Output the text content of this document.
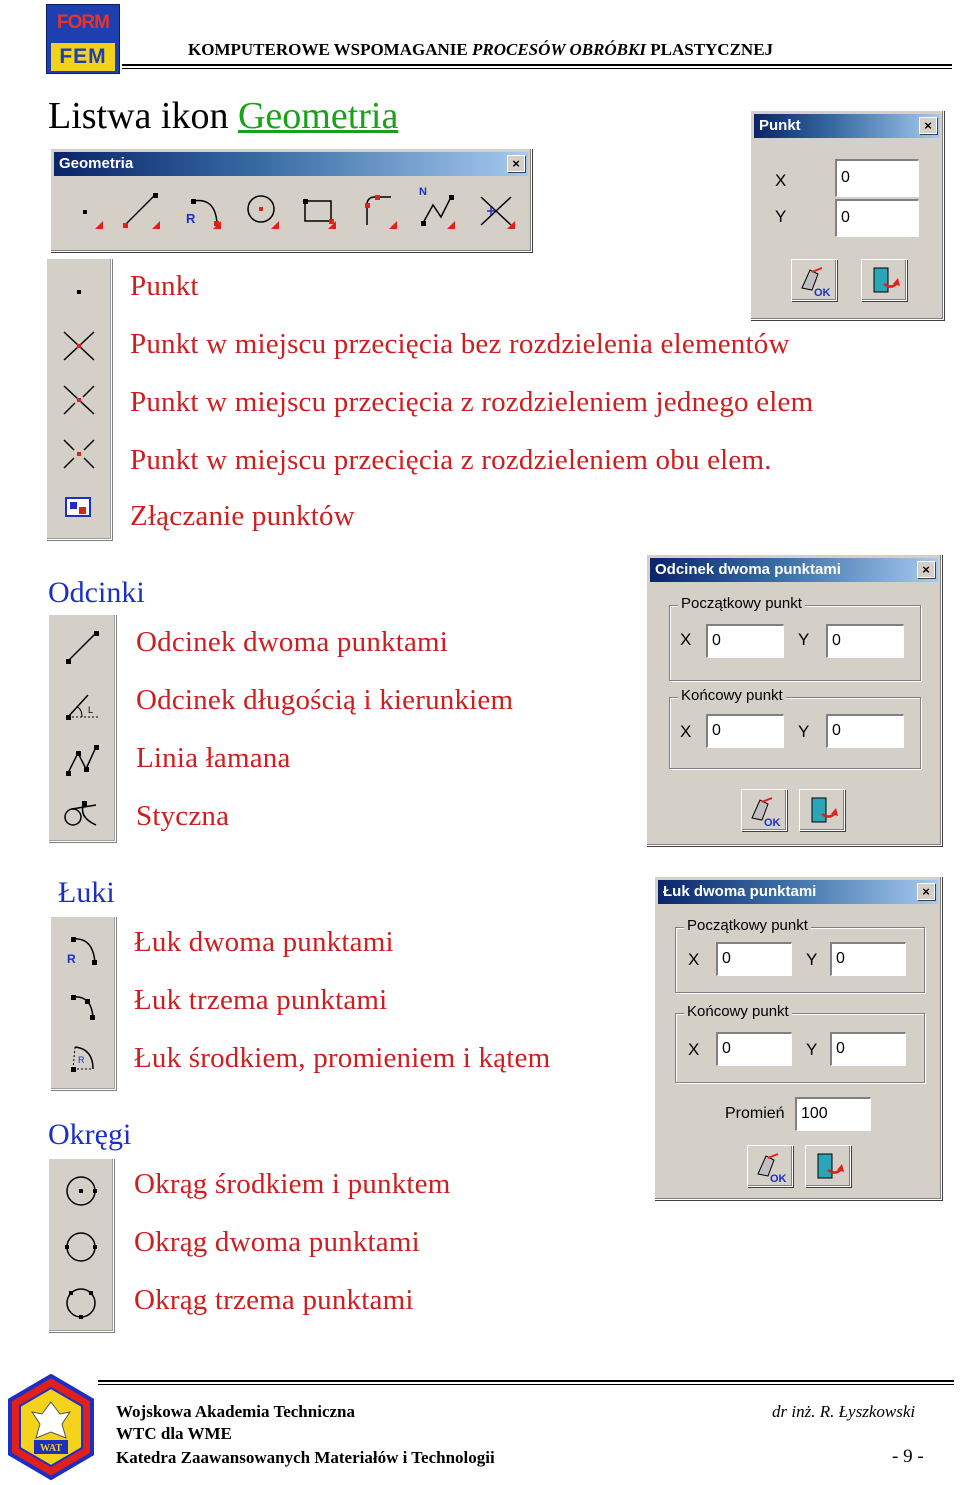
FORM
FEM	KOMPUTEROWE WSPOMAGANIE PROCESÓW OBRÓBKI PLASTYCZNEJ
Listwa ikon Geometria
Geometria	×
R
N
Punkt	×
X	0
Y	0
OK
Punkt
Punkt w miejscu przecięcia bez rozdzielenia elementów
Punkt w miejscu przecięcia z rozdzieleniem jednego elem
Punkt w miejscu przecięcia z rozdzieleniem obu elem.
Złączanie punktów
Odcinki
L
Odcinek dwoma punktami
Odcinek długością i kierunkiem
Linia łamana
Styczna
Odcinek dwoma punktami	×
Początkowy punkt
X	0	Y	0
Końcowy punkt
X	0	Y	0
OK
Łuki
R
R
Łuk dwoma punktami
Łuk trzema punktami
Łuk środkiem, promieniem i kątem
Łuk dwoma punktami	×
Początkowy punkt
X	0	Y	0
Końcowy punkt
X	0	Y	0
Promień	100
OK
Okręgi
Okrąg środkiem i punktem
Okrąg dwoma punktami
Okrąg trzema punktami
WAT
Wojskowa Akademia Techniczna
WTC dla WME
Katedra Zaawansowanych Materiałów i Technologii
dr inż. R. Łyszkowski
- 9 -
